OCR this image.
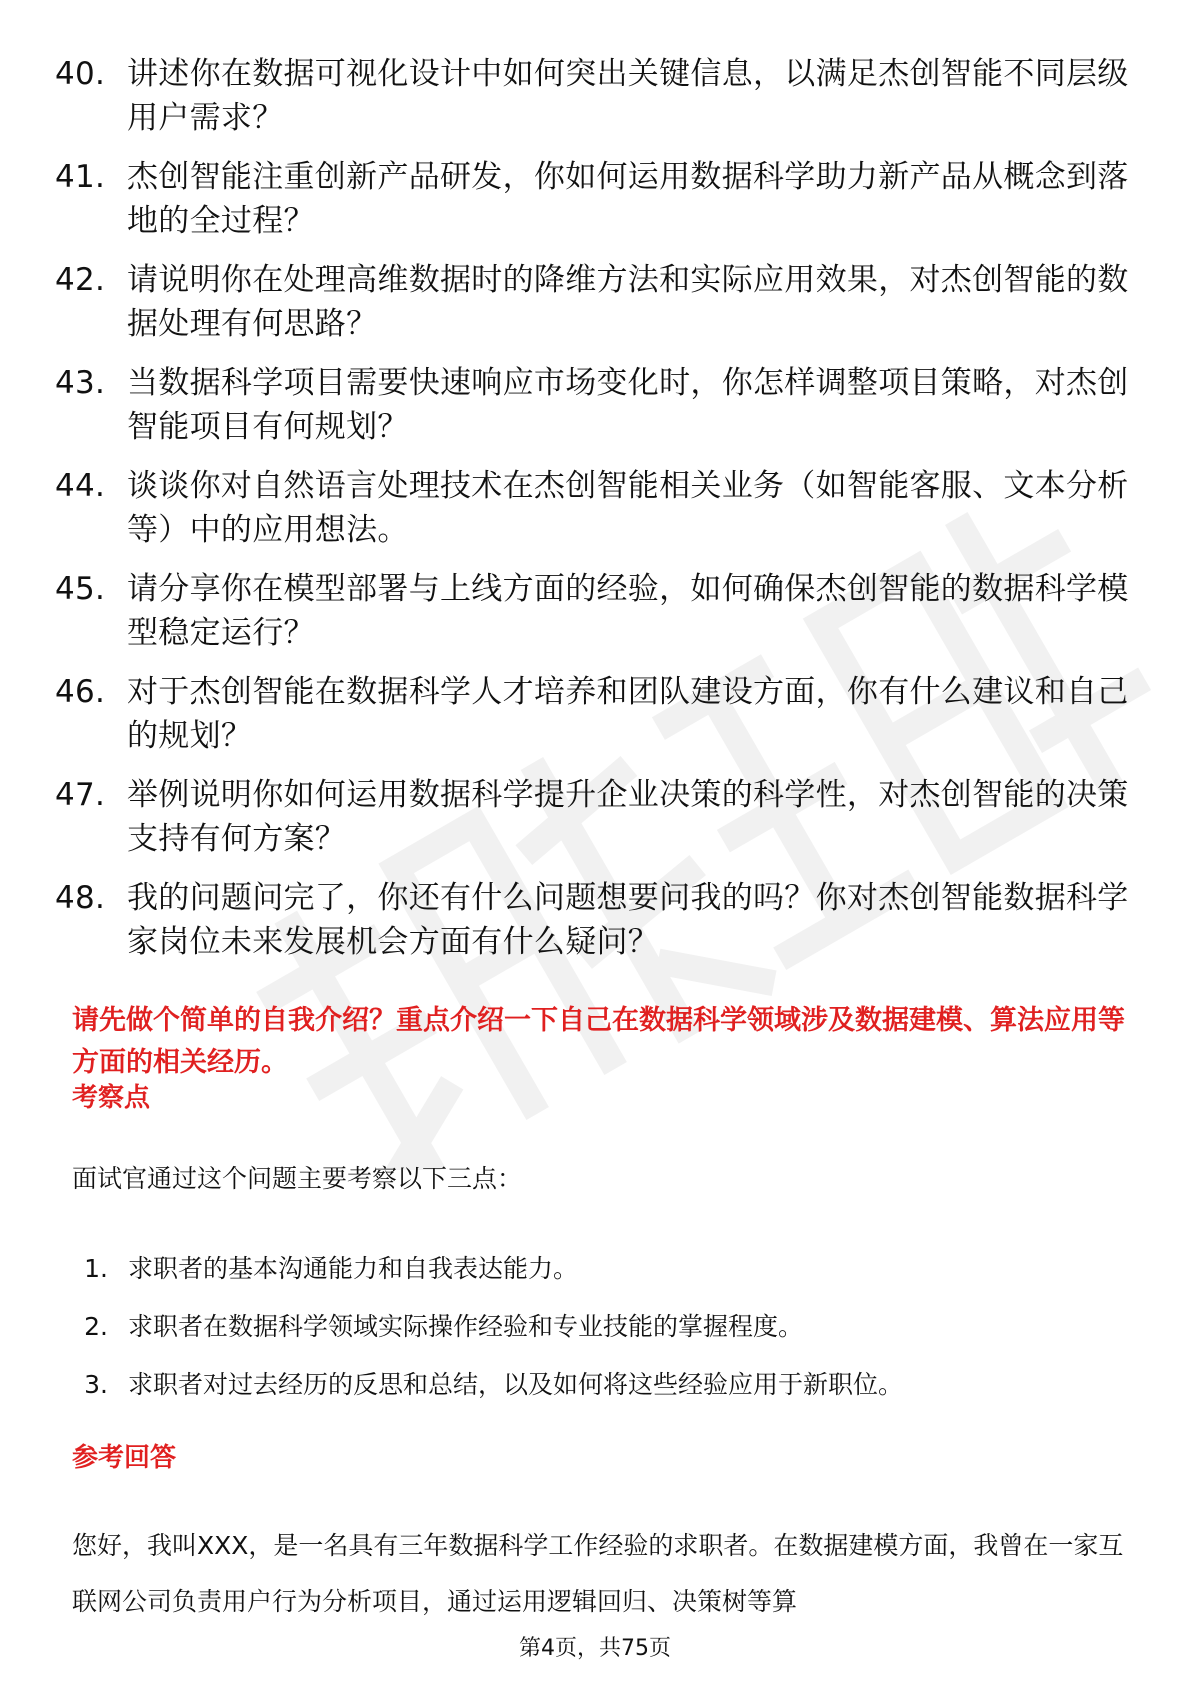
40. 讲述你在数据可视化设计中如何突出关键信息，以满足杰创智能不同层级用户需求？
41. 杰创智能注重创新产品研发，你如何运用数据科学助力新产品从概念到落地的全过程？
42. 请说明你在处理高维数据时的降维方法和实际应用效果，对杰创智能的数据处理有何思路？
43. 当数据科学项目需要快速响应市场变化时，你怎样调整项目策略，对杰创智能项目有何规划？
44. 谈谈你对自然语言处理技术在杰创智能相关业务（如智能客服、文本分析等）中的应用想法。
45. 请分享你在模型部署与上线方面的经验，如何确保杰创智能的数据科学模型稳定运行？
46. 对于杰创智能在数据科学人才培养和团队建设方面，你有什么建议和自己的规划？
47. 举例说明你如何运用数据科学提升企业决策的科学性，对杰创智能的决策支持有何方案？
48. 我的问题问完了，你还有什么问题想要问我的吗？你对杰创智能数据科学家岗位未来发展机会方面有什么疑问？

请先做个简单的自我介绍？重点介绍一下自己在数据科学领域涉及数据建模、算法应用等方面的相关经历。

考察点

面试官通过这个问题主要考察以下三点：

1. 求职者的基本沟通能力和自我表达能力。
2. 求职者在数据科学领域实际操作经验和专业技能的掌握程度。
3. 求职者对过去经历的反思和总结，以及如何将这些经验应用于新职位。
参考回答

您好，我叫XXX，是一名具有三年数据科学工作经验的求职者。在数据建模方面，我曾在一家互联网公司负责用户行为分析项目，通过运用逻辑回归、决策树等算

第4页，共75页
